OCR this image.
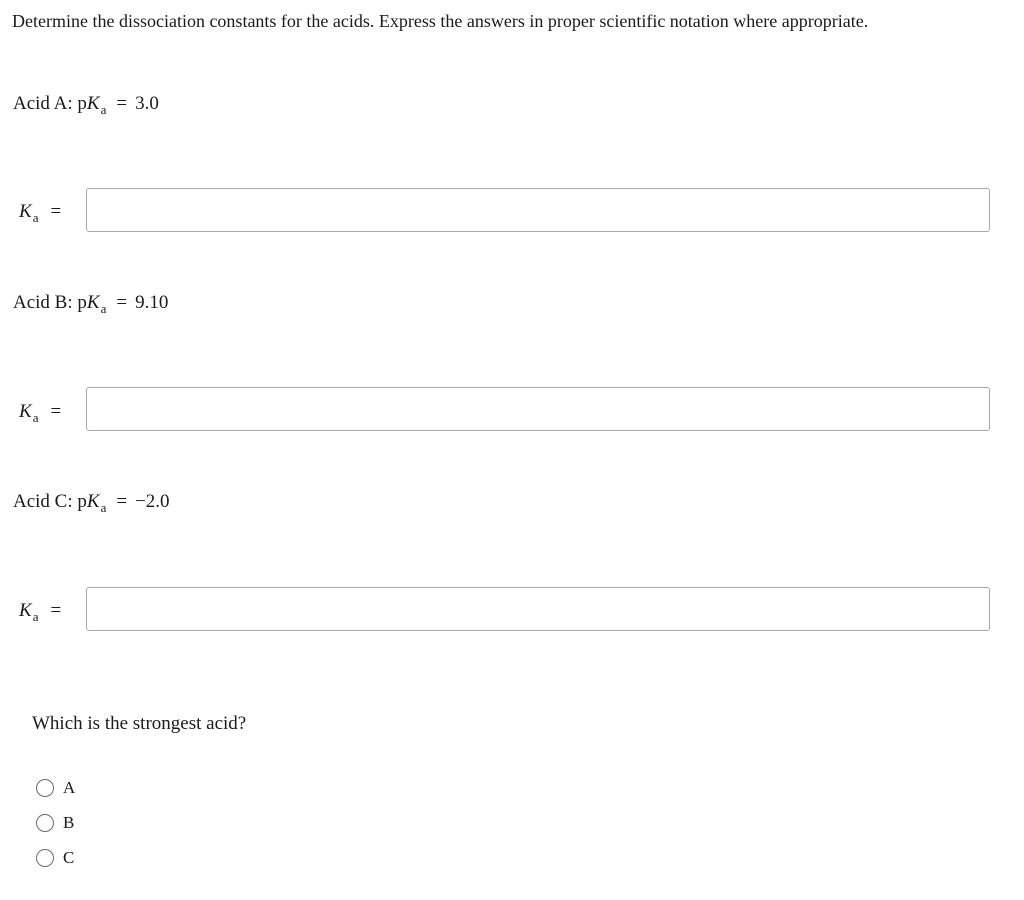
Determine the dissociation constants for the acids. Express the answers in proper scientific notation where appropriate.
Acid A: $pK_a = 3.0$
$K_a$ =
Acid B: $pK_a = 9.10$
$K_a$ =
Acid C: $pK_a = -2.0$
$K_a$ =
Which is the strongest acid?
A
B
C
